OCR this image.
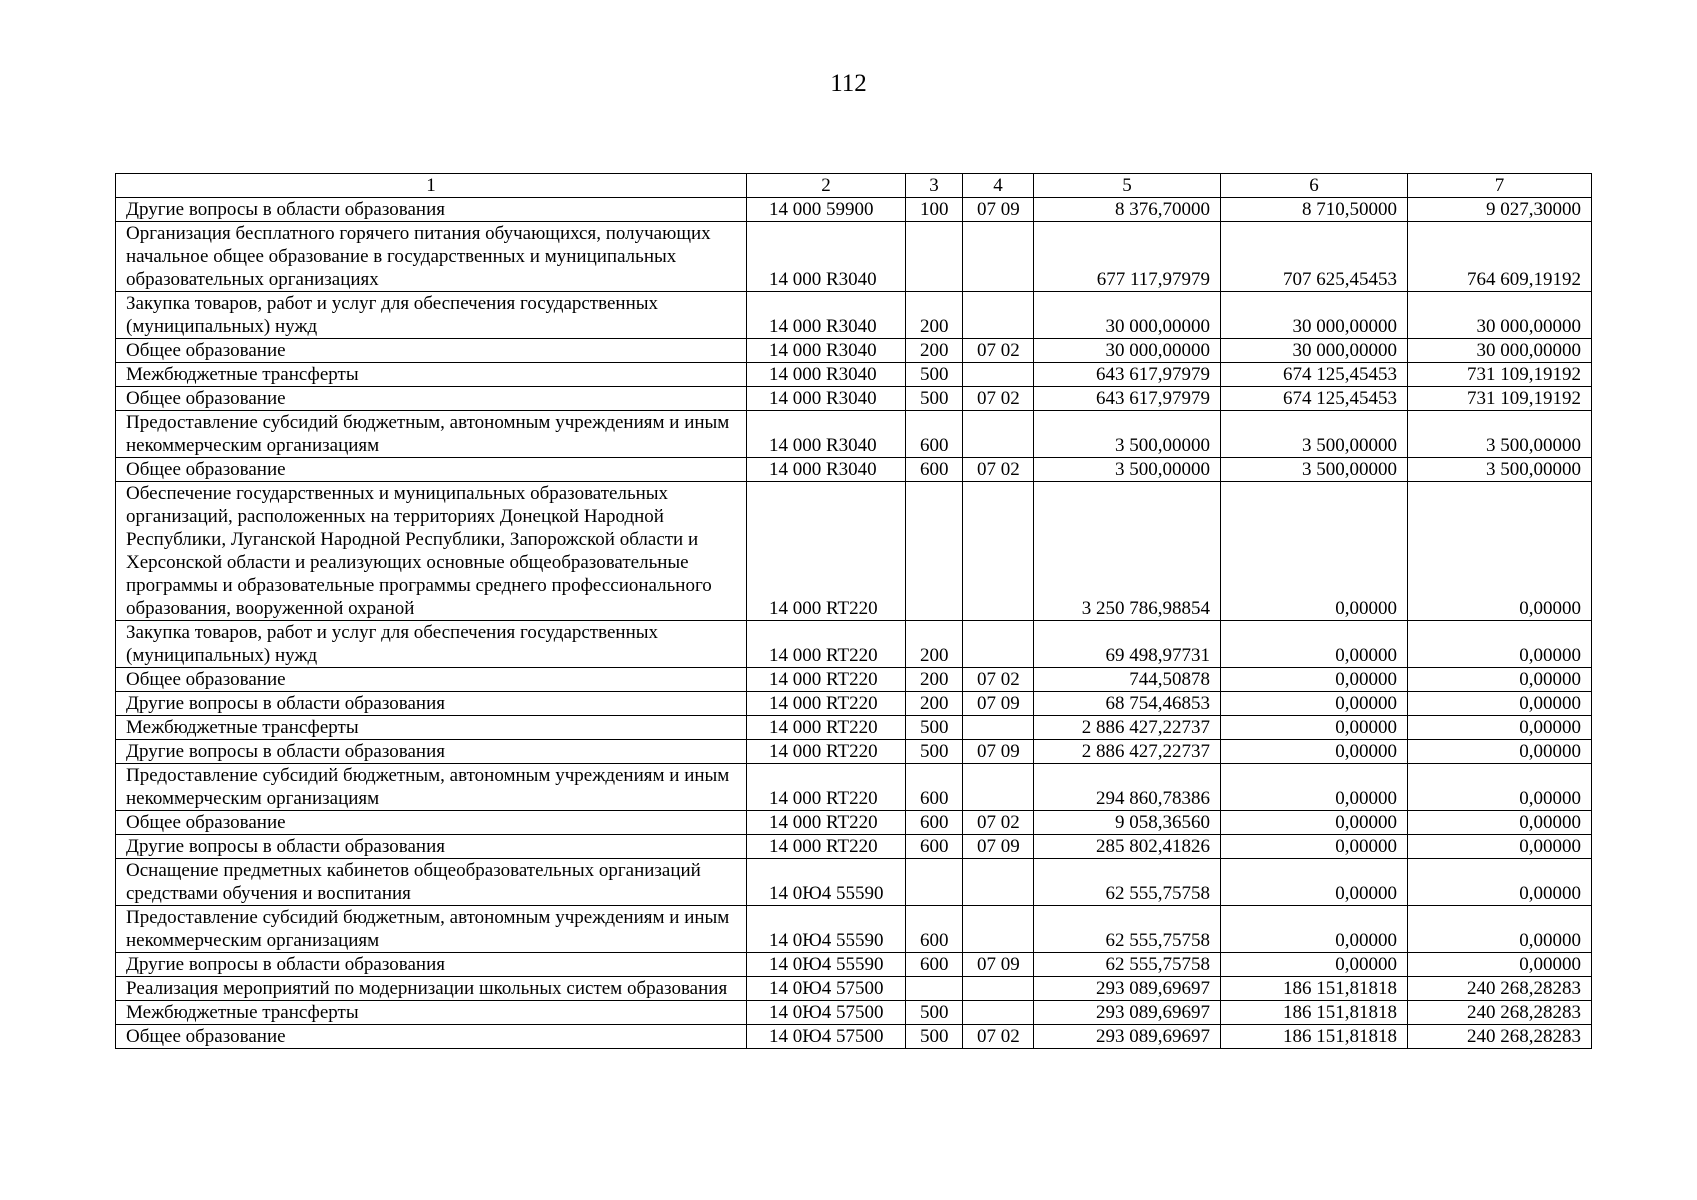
112
1	2	3	4	5	6	7
Другие вопросы в области образования	14 000 59900	100	07 09	8 376,70000	8 710,50000	9 027,30000
Организация бесплатного горячего питания обучающихся, получающих начальное общее образование в государственных и муниципальных образовательных организациях	14 000 R3040			677 117,97979	707 625,45453	764 609,19192
Закупка товаров, работ и услуг для обеспечения государственных (муниципальных) нужд	14 000 R3040	200		30 000,00000	30 000,00000	30 000,00000
Общее образование	14 000 R3040	200	07 02	30 000,00000	30 000,00000	30 000,00000
Межбюджетные трансферты	14 000 R3040	500		643 617,97979	674 125,45453	731 109,19192
Общее образование	14 000 R3040	500	07 02	643 617,97979	674 125,45453	731 109,19192
Предоставление субсидий бюджетным, автономным учреждениям и иным некоммерческим организациям	14 000 R3040	600		3 500,00000	3 500,00000	3 500,00000
Общее образование	14 000 R3040	600	07 02	3 500,00000	3 500,00000	3 500,00000
Обеспечение государственных и муниципальных образовательных организаций, расположенных на территориях Донецкой Народной Республики, Луганской Народной Республики, Запорожской области и Херсонской области и реализующих основные общеобразовательные программы и образовательные программы среднего профессионального образования, вооруженной охраной	14 000 RT220			3 250 786,98854	0,00000	0,00000
Закупка товаров, работ и услуг для обеспечения государственных (муниципальных) нужд	14 000 RT220	200		69 498,97731	0,00000	0,00000
Общее образование	14 000 RT220	200	07 02	744,50878	0,00000	0,00000
Другие вопросы в области образования	14 000 RT220	200	07 09	68 754,46853	0,00000	0,00000
Межбюджетные трансферты	14 000 RT220	500		2 886 427,22737	0,00000	0,00000
Другие вопросы в области образования	14 000 RT220	500	07 09	2 886 427,22737	0,00000	0,00000
Предоставление субсидий бюджетным, автономным учреждениям и иным некоммерческим организациям	14 000 RT220	600		294 860,78386	0,00000	0,00000
Общее образование	14 000 RT220	600	07 02	9 058,36560	0,00000	0,00000
Другие вопросы в области образования	14 000 RT220	600	07 09	285 802,41826	0,00000	0,00000
Оснащение предметных кабинетов общеобразовательных организаций средствами обучения и воспитания	14 0Ю4 55590			62 555,75758	0,00000	0,00000
Предоставление субсидий бюджетным, автономным учреждениям и иным некоммерческим организациям	14 0Ю4 55590	600		62 555,75758	0,00000	0,00000
Другие вопросы в области образования	14 0Ю4 55590	600	07 09	62 555,75758	0,00000	0,00000
Реализация мероприятий по модернизации школьных систем образования	14 0Ю4 57500			293 089,69697	186 151,81818	240 268,28283
Межбюджетные трансферты	14 0Ю4 57500	500		293 089,69697	186 151,81818	240 268,28283
Общее образование	14 0Ю4 57500	500	07 02	293 089,69697	186 151,81818	240 268,28283
